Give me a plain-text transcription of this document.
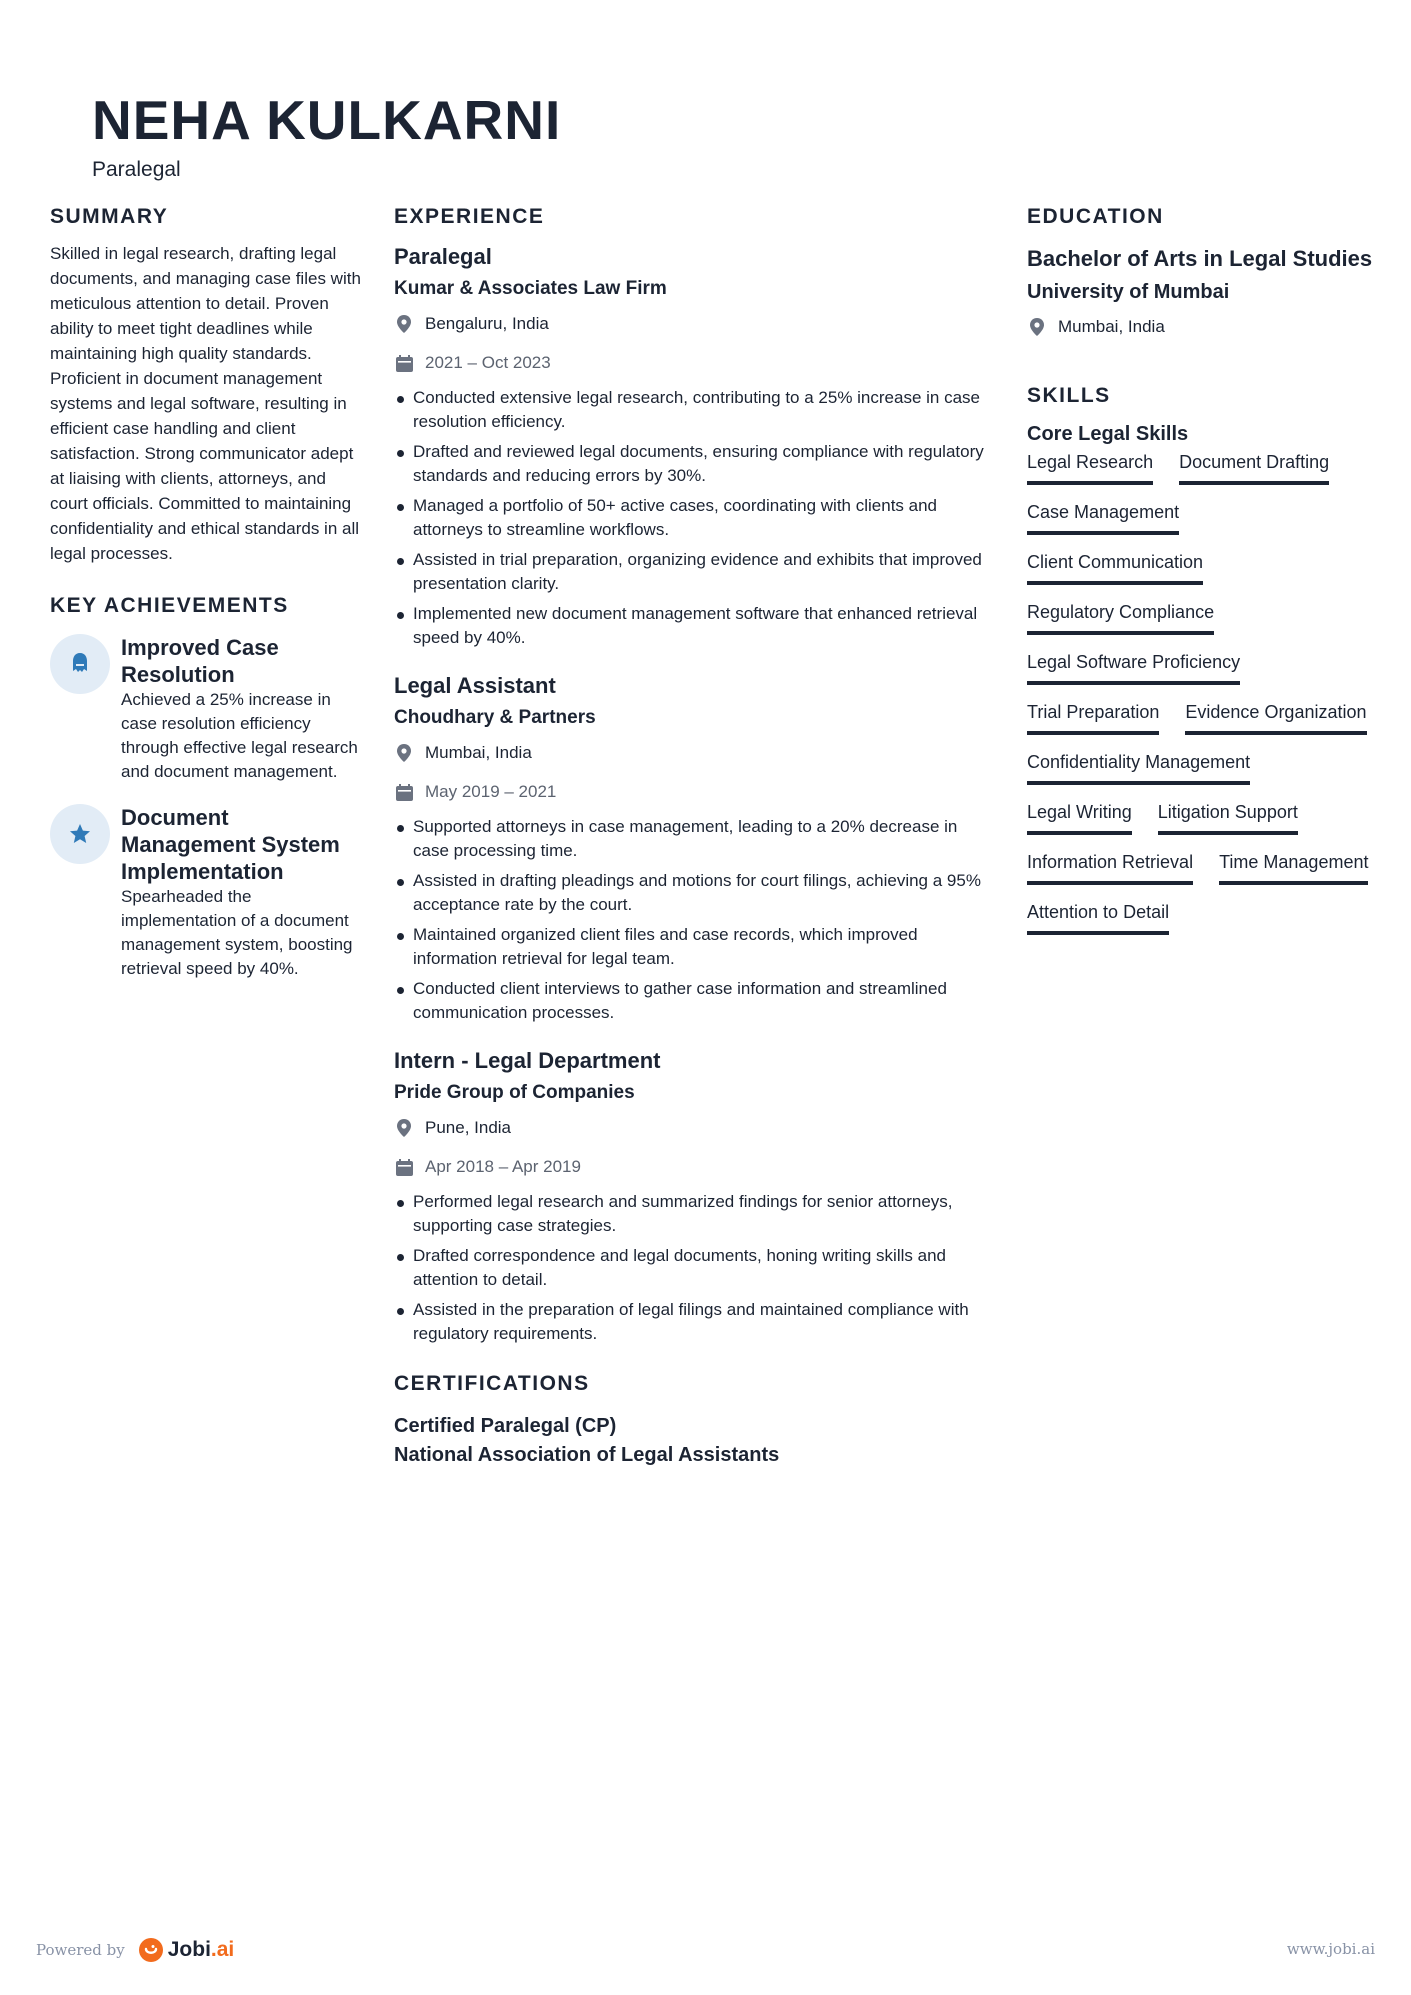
NEHA KULKARNI
Paralegal
SUMMARY
Skilled in legal research, drafting legal documents, and managing case files with meticulous attention to detail. Proven ability to meet tight deadlines while maintaining high quality standards. Proficient in document management systems and legal software, resulting in efficient case handling and client satisfaction. Strong communicator adept at liaising with clients, attorneys, and court officials. Committed to maintaining confidentiality and ethical standards in all legal processes.
KEY ACHIEVEMENTS
Improved Case Resolution
Achieved a 25% increase in case resolution efficiency through effective legal research and document management.
Document Management System Implementation
Spearheaded the implementation of a document management system, boosting retrieval speed by 40%.
EXPERIENCE
Paralegal
Kumar & Associates Law Firm
Bengaluru, India
2021 – Oct 2023
Conducted extensive legal research, contributing to a 25% increase in case resolution efficiency.
Drafted and reviewed legal documents, ensuring compliance with regulatory standards and reducing errors by 30%.
Managed a portfolio of 50+ active cases, coordinating with clients and attorneys to streamline workflows.
Assisted in trial preparation, organizing evidence and exhibits that improved presentation clarity.
Implemented new document management software that enhanced retrieval speed by 40%.
Legal Assistant
Choudhary & Partners
Mumbai, India
May 2019 – 2021
Supported attorneys in case management, leading to a 20% decrease in case processing time.
Assisted in drafting pleadings and motions for court filings, achieving a 95% acceptance rate by the court.
Maintained organized client files and case records, which improved information retrieval for legal team.
Conducted client interviews to gather case information and streamlined communication processes.
Intern - Legal Department
Pride Group of Companies
Pune, India
Apr 2018 – Apr 2019
Performed legal research and summarized findings for senior attorneys, supporting case strategies.
Drafted correspondence and legal documents, honing writing skills and attention to detail.
Assisted in the preparation of legal filings and maintained compliance with regulatory requirements.
CERTIFICATIONS
Certified Paralegal (CP)
National Association of Legal Assistants
EDUCATION
Bachelor of Arts in Legal Studies
University of Mumbai
Mumbai, India
SKILLS
Core Legal Skills
Legal Research Document Drafting
Case Management
Client Communication
Regulatory Compliance
Legal Software Proficiency
Trial Preparation Evidence Organization
Confidentiality Management
Legal Writing Litigation Support
Information Retrieval Time Management
Attention to Detail
Powered by Jobi.ai	www.jobi.ai
